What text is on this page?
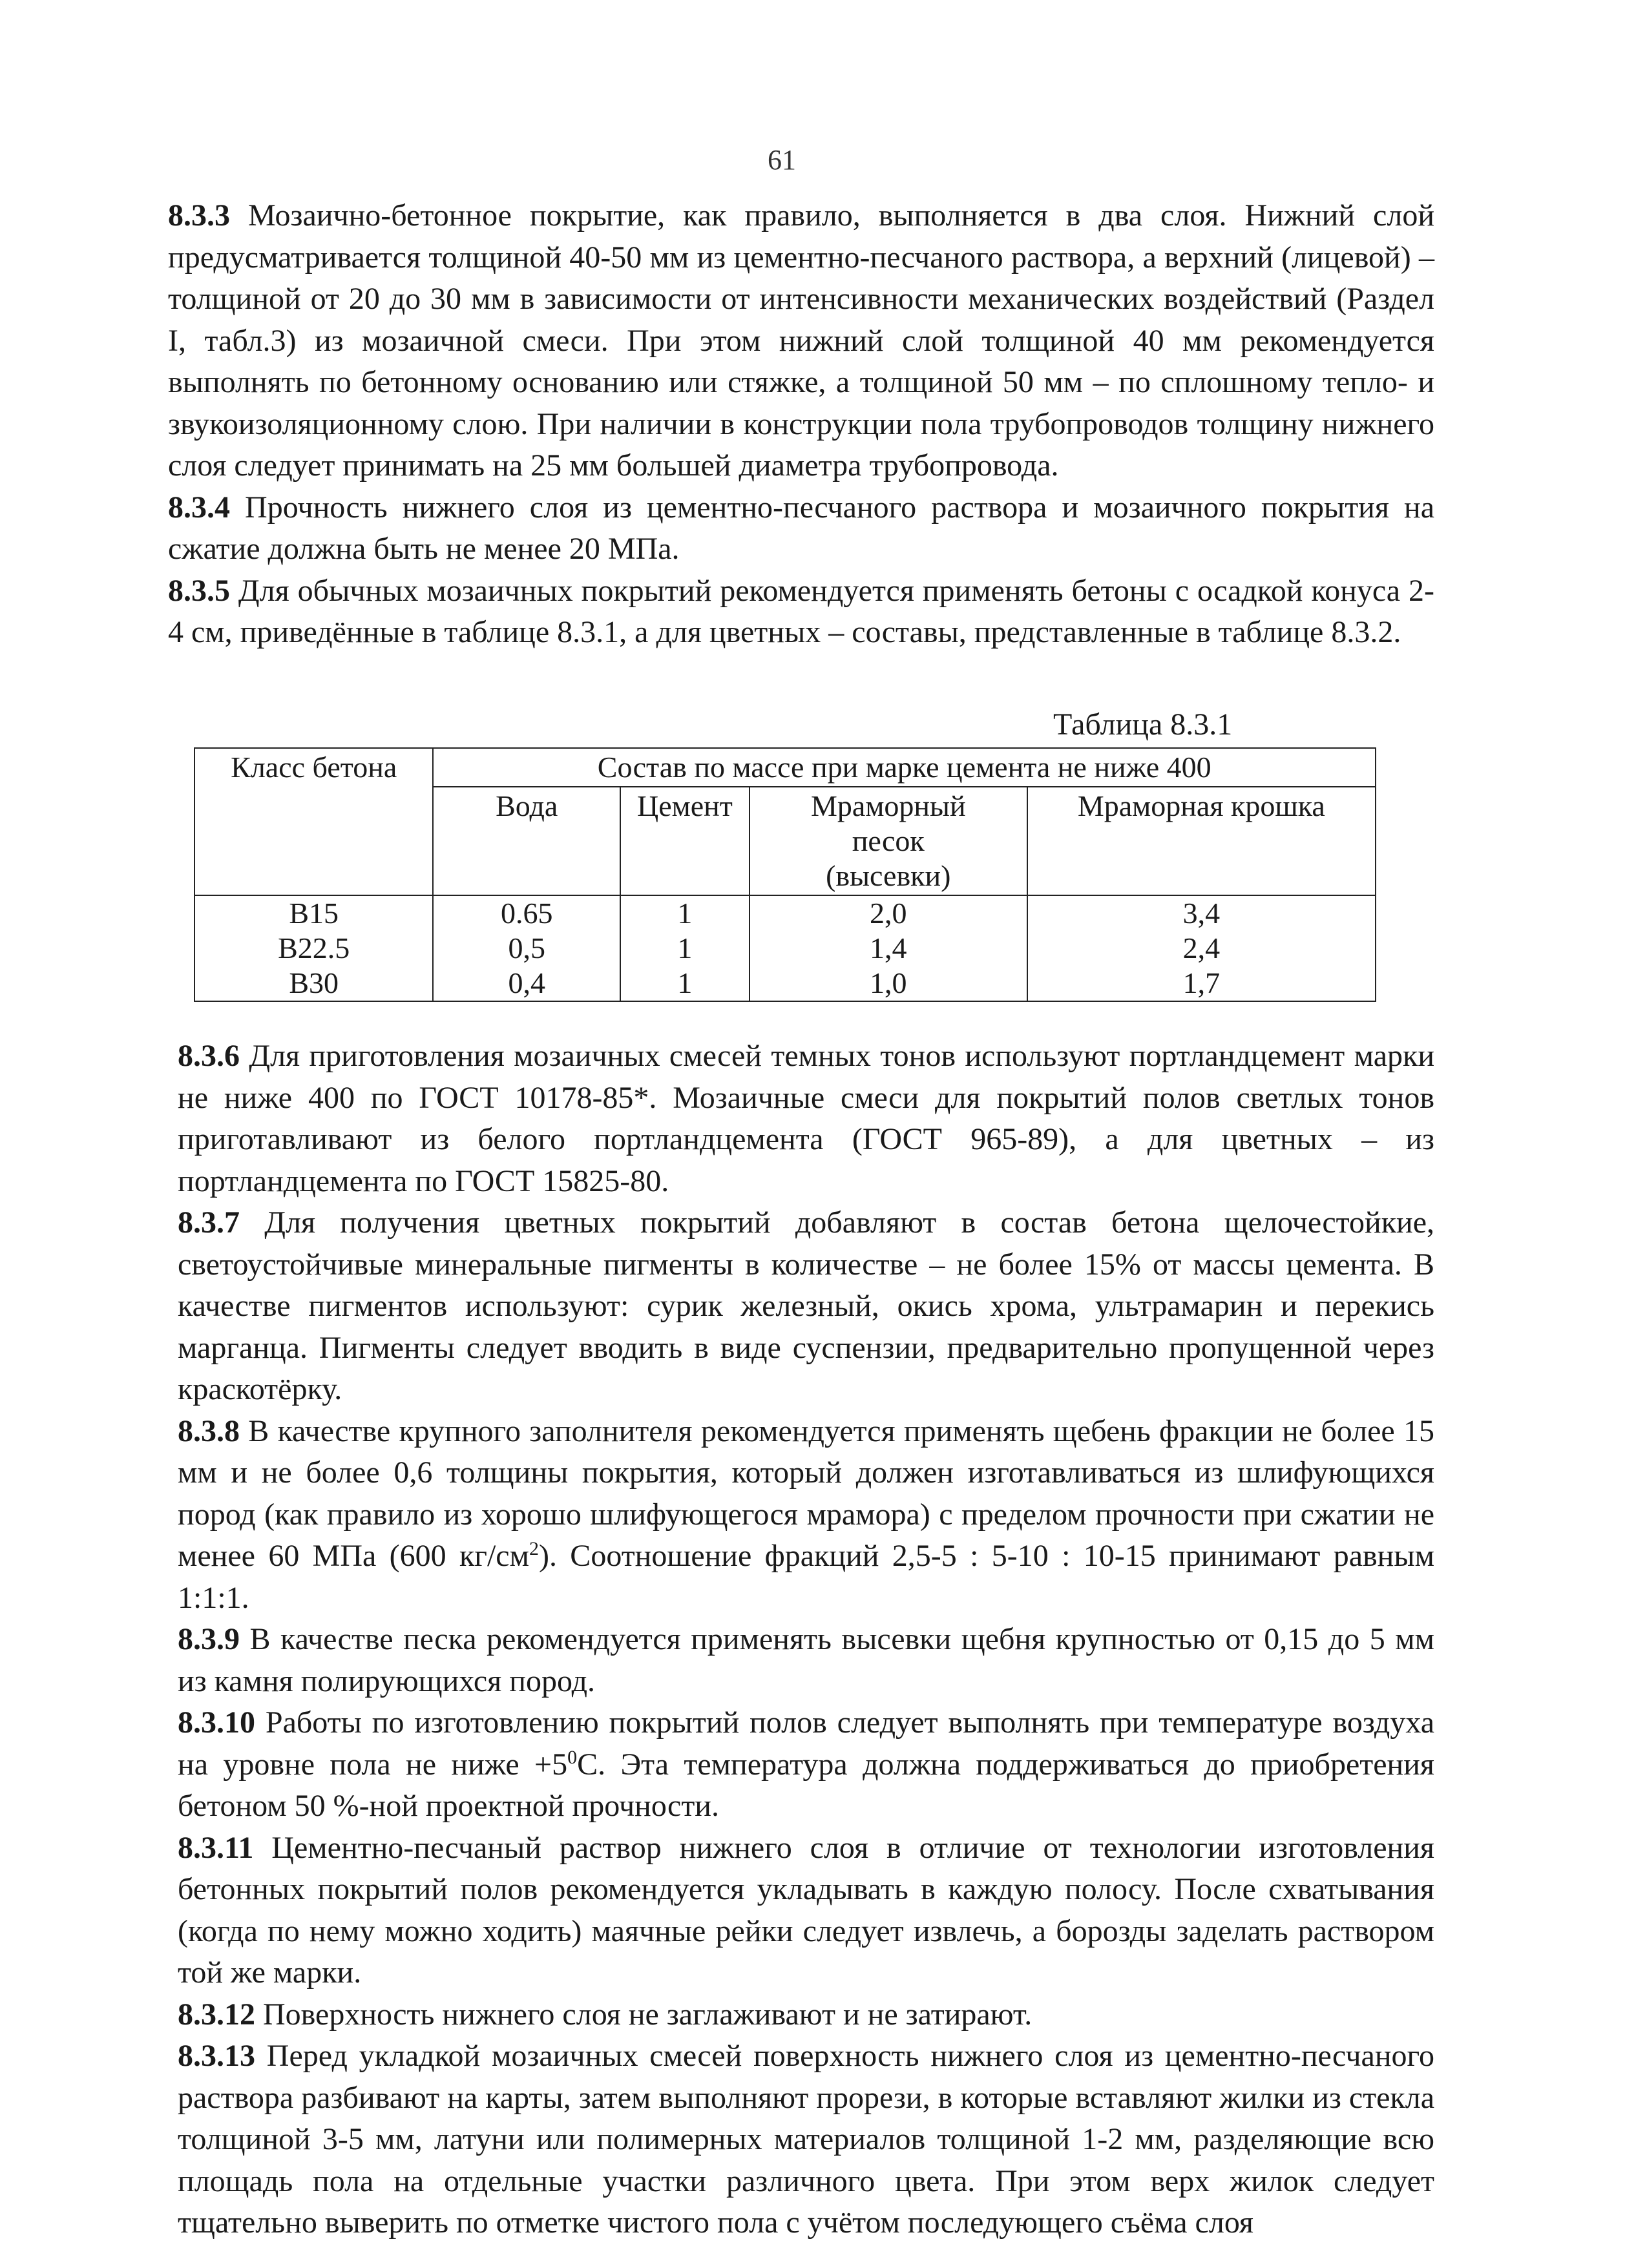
61

8.3.3 Мозаично-бетонное покрытие, как правило, выполняется в два слоя. Нижний слой предусматривается толщиной 40-50 мм из цементно-песчаного раствора, а верхний (лицевой) – толщиной от 20 до 30 мм в зависимости от интенсивности механических воздействий (Раздел I, табл.3) из мозаичной смеси. При этом нижний слой толщиной 40 мм рекомендуется выполнять по бетонному основанию или стяжке, а толщиной 50 мм – по сплошному тепло- и звукоизоляционному слою. При наличии в конструкции пола трубопроводов толщину нижнего слоя следует принимать на 25 мм большей диаметра трубопровода.

8.3.4 Прочность нижнего слоя из цементно-песчаного раствора и мозаичного покрытия на сжатие должна быть не менее 20 МПа.

8.3.5 Для обычных мозаичных покрытий рекомендуется применять бетоны с осадкой конуса 2-4 см, приведённые в таблице 8.3.1, а для цветных – составы, представленные в таблице 8.3.2.

Таблица 8.3.1
Класс бетона	Состав по массе при марке цемента не ниже 400			
	Вода	Цемент	Мраморный песок (высевки)	Мраморная крошка
B15	0.65	1	2,0	3,4
B22.5	0,5	1	1,4	2,4
B30	0,4	1	1,0	1,7

8.3.6 Для приготовления мозаичных смесей темных тонов используют портландцемент марки не ниже 400 по ГОСТ 10178-85*. Мозаичные смеси для покрытий полов светлых тонов приготавливают из белого портландцемента (ГОСТ 965-89), а для цветных – из портландцемента по ГОСТ 15825-80.

8.3.7 Для получения цветных покрытий добавляют в состав бетона щелочестойкие, светоустойчивые минеральные пигменты в количестве – не более 15% от массы цемента. В качестве пигментов используют: сурик железный, окись хрома, ультрамарин и перекись марганца. Пигменты следует вводить в виде суспензии, предварительно пропущенной через краскотёрку.

8.3.8 В качестве крупного заполнителя рекомендуется применять щебень фракции не более 15 мм и не более 0,6 толщины покрытия, который должен изготавливаться из шлифующихся пород (как правило из хорошо шлифующегося мрамора) с пределом прочности при сжатии не менее 60 МПа (600 $кг/см^2$). Соотношение фракций 2,5-5 : 5-10 : 10-15 принимают равным 1:1:1.

8.3.9 В качестве песка рекомендуется применять высевки щебня крупностью от 0,15 до 5 мм из камня полирующихся пород.

8.3.10 Работы по изготовлению покрытий полов следует выполнять при температуре воздуха на уровне пола не ниже $+5^0С$. Эта температура должна поддерживаться до приобретения бетоном 50 %-ной проектной прочности.

8.3.11 Цементно-песчаный раствор нижнего слоя в отличие от технологии изготовления бетонных покрытий полов рекомендуется укладывать в каждую полосу. После схватывания (когда по нему можно ходить) маячные рейки следует извлечь, а борозды заделать раствором той же марки.

8.3.12 Поверхность нижнего слоя не заглаживают и не затирают.

8.3.13 Перед укладкой мозаичных смесей поверхность нижнего слоя из цементно-песчаного раствора разбивают на карты, затем выполняют прорези, в которые вставляют жилки из стекла толщиной 3-5 мм, латуни или полимерных материалов толщиной 1-2 мм, разделяющие всю площадь пола на отдельные участки различного цвета. При этом верх жилок следует тщательно выверить по отметке чистого пола с учётом последующего съёма слоя
